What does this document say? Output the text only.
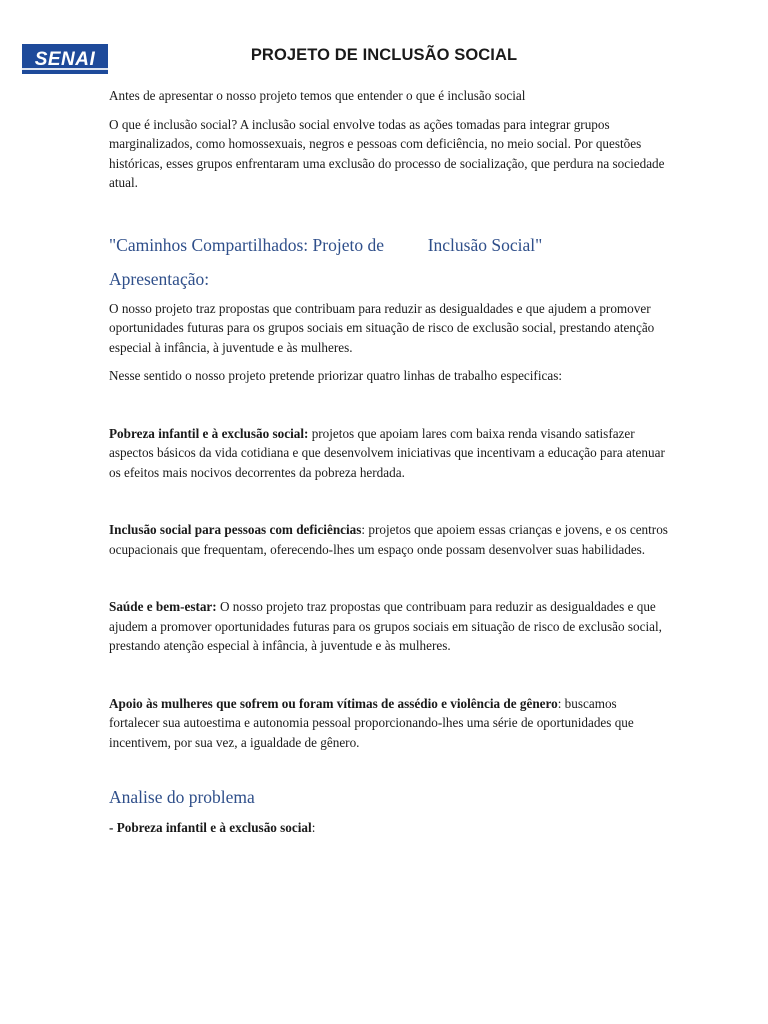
SENAI	PROJETO DE INCLUSÃO SOCIAL

Antes de apresentar o nosso projeto temos que entender o que é inclusão social

O que é inclusão social? A inclusão social envolve todas as ações tomadas para integrar grupos marginalizados, como homossexuais, negros e pessoas com deficiência, no meio social. Por questões históricas, esses grupos enfrentaram uma exclusão do processo de socialização, que perdura na sociedade atual.

"Caminhos Compartilhados: Projeto de          Inclusão Social"
Apresentação:

O nosso projeto traz propostas que contribuam para reduzir as desigualdades e que ajudem a promover oportunidades futuras para os grupos sociais em situação de risco de exclusão social, prestando atenção especial à infância, à juventude e às mulheres.

Nesse sentido o nosso projeto pretende priorizar quatro linhas de trabalho especificas:

Pobreza infantil e à exclusão social: projetos que apoiam lares com baixa renda visando satisfazer aspectos básicos da vida cotidiana e que desenvolvem iniciativas que incentivam a educação para atenuar os efeitos mais nocivos decorrentes da pobreza herdada.

Inclusão social para pessoas com deficiências: projetos que apoiem essas crianças e jovens, e os centros ocupacionais que frequentam, oferecendo-lhes um espaço onde possam desenvolver suas habilidades.

Saúde e bem-estar: O nosso projeto traz propostas que contribuam para reduzir as desigualdades e que ajudem a promover oportunidades futuras para os grupos sociais em situação de risco de exclusão social, prestando atenção especial à infância, à juventude e às mulheres.

Apoio às mulheres que sofrem ou foram vítimas de assédio e violência de gênero: buscamos fortalecer sua autoestima e autonomia pessoal proporcionando-lhes uma série de oportunidades que incentivem, por sua vez, a igualdade de gênero.

Analise do problema

- Pobreza infantil e à exclusão social:
